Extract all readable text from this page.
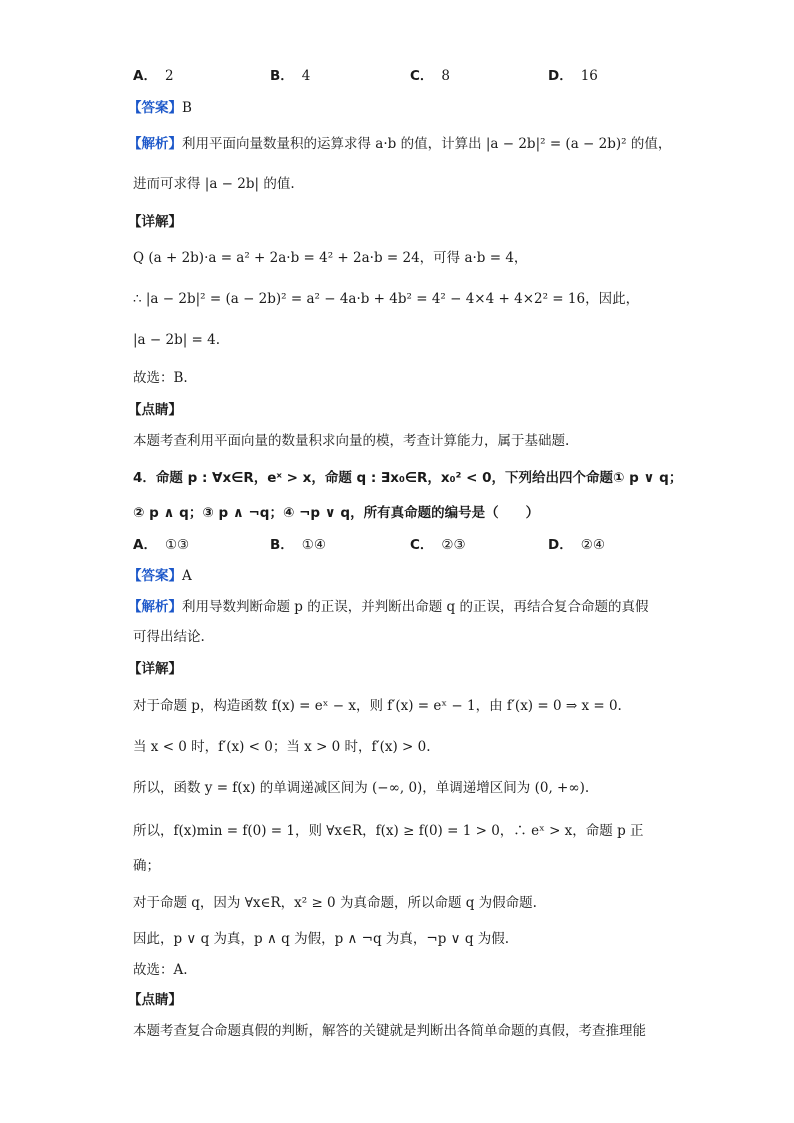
A． 2	B． 4	C． 8	D． 16
【答案】B
【解析】利用平面向量数量积的运算求得 a·b 的值，计算出 |a − 2b|² = (a − 2b)² 的值，
进而可求得 |a − 2b| 的值.
【详解】
Q (a + 2b)·a = a² + 2a·b = 4² + 2a·b = 24，可得 a·b = 4，
∴ |a − 2b|² = (a − 2b)² = a² − 4a·b + 4b² = 4² − 4×4 + 4×2² = 16，因此，
|a − 2b| = 4.
故选：B.
【点睛】
本题考查利用平面向量的数量积求向量的模，考查计算能力，属于基础题.
4．命题 p : ∀x∈R，eˣ > x，命题 q : ∃x₀∈R，x₀² < 0，下列给出四个命题① p ∨ q；
② p ∧ q；③ p ∧ ¬q；④ ¬p ∨ q，所有真命题的编号是（　　）
A． ①③	B． ①④	C． ②③	D． ②④
【答案】A
【解析】利用导数判断命题 p 的正误，并判断出命题 q 的正误，再结合复合命题的真假
可得出结论.
【详解】
对于命题 p，构造函数 f(x) = eˣ − x，则 f′(x) = eˣ − 1，由 f′(x) = 0 ⇒ x = 0.
当 x < 0 时，f′(x) < 0；当 x > 0 时，f′(x) > 0.
所以，函数 y = f(x) 的单调递减区间为 (−∞, 0)，单调递增区间为 (0, +∞).
所以，f(x)min = f(0) = 1，则 ∀x∈R，f(x) ≥ f(0) = 1 > 0，∴ eˣ > x，命题 p 正
确；
对于命题 q，因为 ∀x∈R，x² ≥ 0 为真命题，所以命题 q 为假命题.
因此，p ∨ q 为真，p ∧ q 为假，p ∧ ¬q 为真，¬p ∨ q 为假.
故选：A.
【点睛】
本题考查复合命题真假的判断，解答的关键就是判断出各简单命题的真假，考查推理能
